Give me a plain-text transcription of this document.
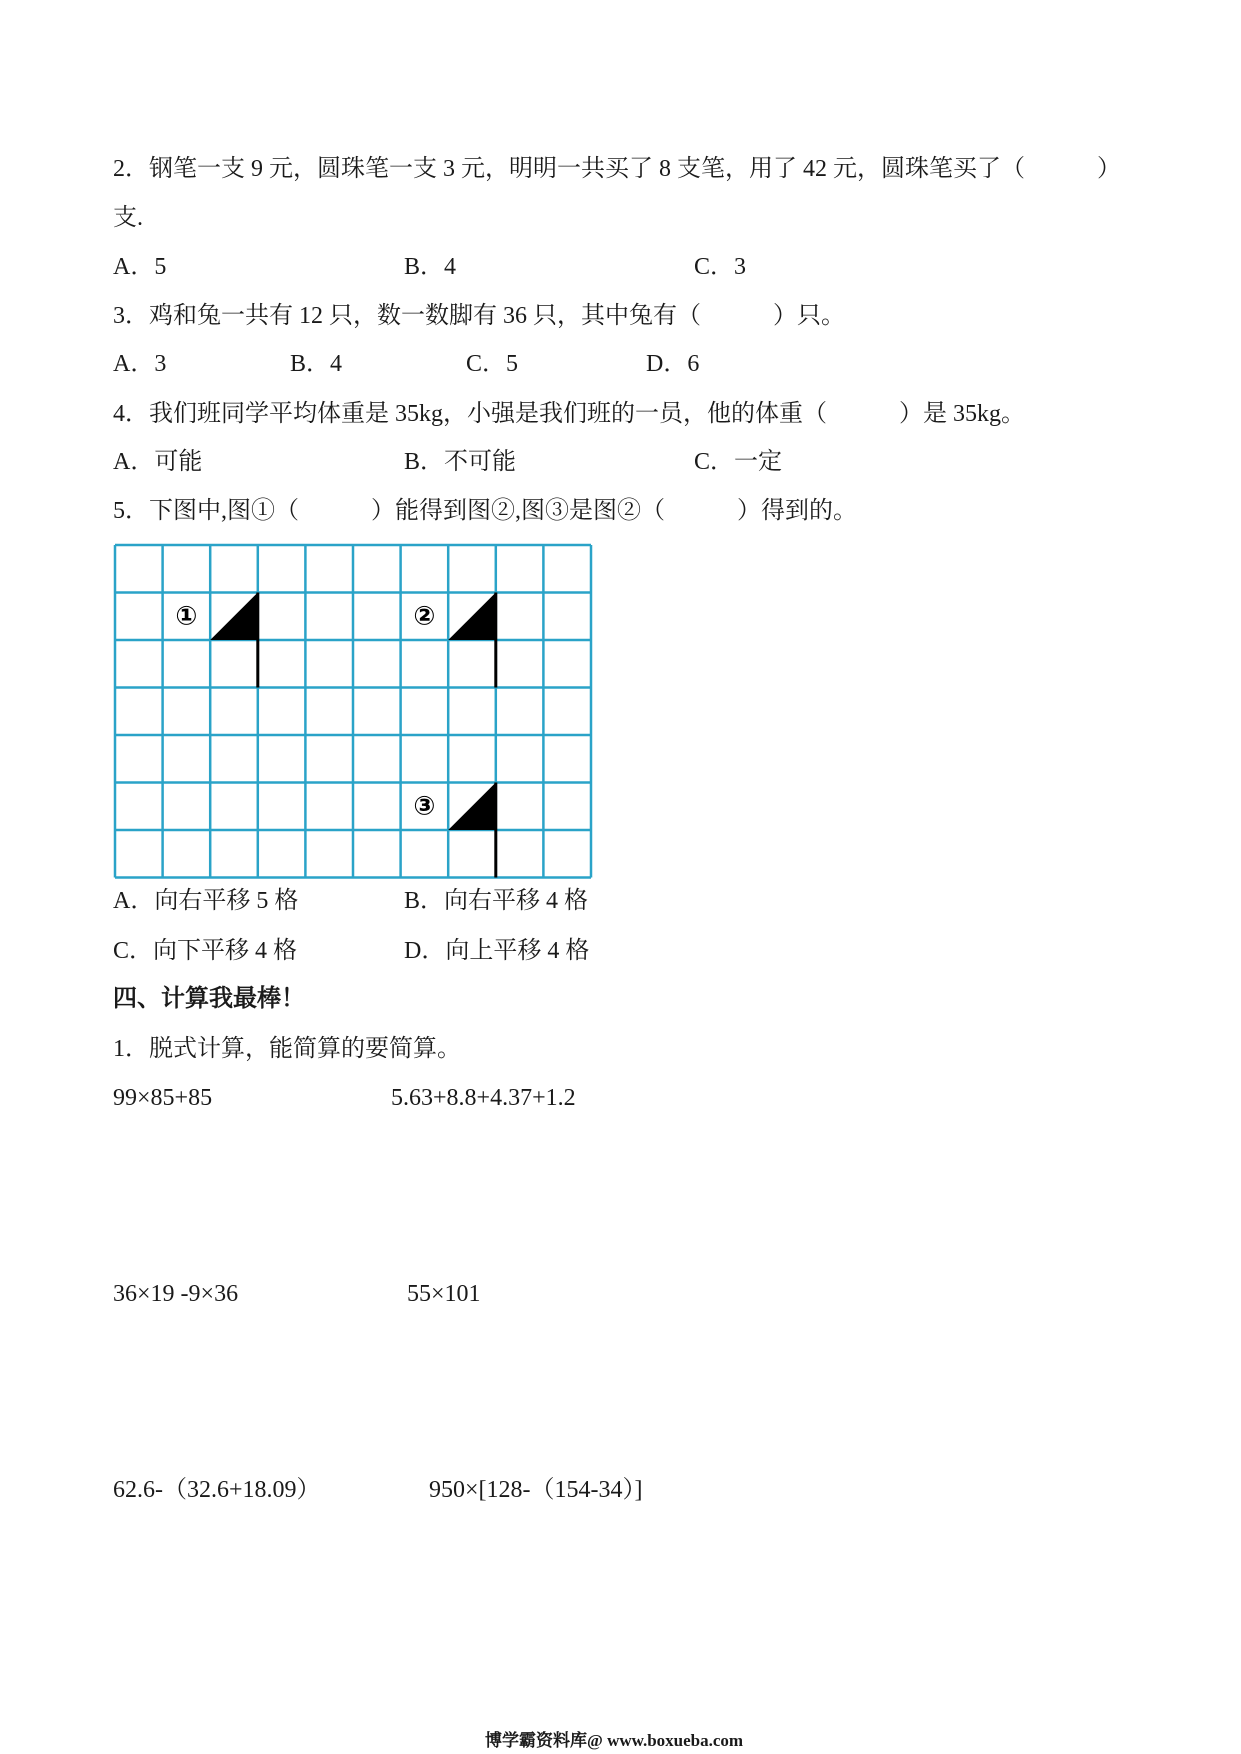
2．钢笔一支 9 元，圆珠笔一支 3 元，明明一共买了 8 支笔，用了 42 元，圆珠笔买了（　　　）
支.
A．5	B．4	C．3
3．鸡和兔一共有 12 只，数一数脚有 36 只，其中兔有（　　　）只。
A．3	B．4	C．5	D．6
4．我们班同学平均体重是 35kg，小强是我们班的一员，他的体重（　　　）是 35kg。
A．可能	B．不可能	C．一定
5．下图中,图①（　　　）能得到图②,图③是图②（　　　）得到的。
①	②
③
A．向右平移 5 格	B．向右平移 4 格
C．向下平移 4 格	D．向上平移 4 格
四、计算我最棒！
1．脱式计算，能简算的要简算。
99×85+85	5.63+8.8+4.37+1.2
36×19 -9×36	55×101
62.6-（32.6+18.09）	950×[128-（154-34）]
博学霸资料库@ www.boxueba.com
